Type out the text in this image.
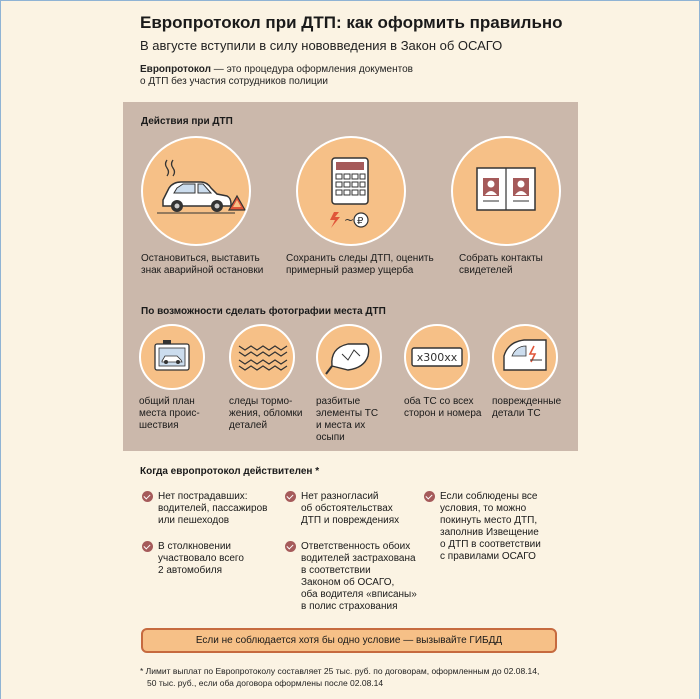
Европротокол при ДТП: как оформить правильно
В августе вступили в силу нововведения в Закон об ОСАГО
Европротокол — это процедура оформления документов
о ДТП без участия сотрудников полиции
Действия при ДТП
Остановиться, выставить
знак аварийной остановки
~ ₽
Сохранить следы ДТП, оценить
примерный размер ущерба
Собрать контакты
свидетелей
По возможности сделать фотографии места ДТП
общий план
места проис-
шествия
следы тормо-
жения, обломки
деталей
разбитые
элементы ТС
и места их осыпи
x300xx
оба ТС со всех
сторон и номера
поврежденные
детали ТС
Когда европротокол действителен *
Нет пострадавших:
водителей, пассажиров
или пешеходов
В столкновении
участвовало всего
2 автомобиля
Нет разногласий
об обстоятельствах
ДТП и повреждениях
Ответственность обоих
водителей застрахована
в соответствии
Законом об ОСАГО,
оба водителя «вписаны»
в полис страхования
Если соблюдены все
условия, то можно
покинуть место ДТП,
заполнив Извещение
о ДТП в соответствии
с правилами ОСАГО
Если не соблюдается хотя бы одно условие — вызывайте ГИБДД
* Лимит выплат по Европротоколу составляет 25 тыс. руб. по договорам, оформленным до 02.08.14,
50 тыс. руб., если оба договора оформлены после 02.08.14
